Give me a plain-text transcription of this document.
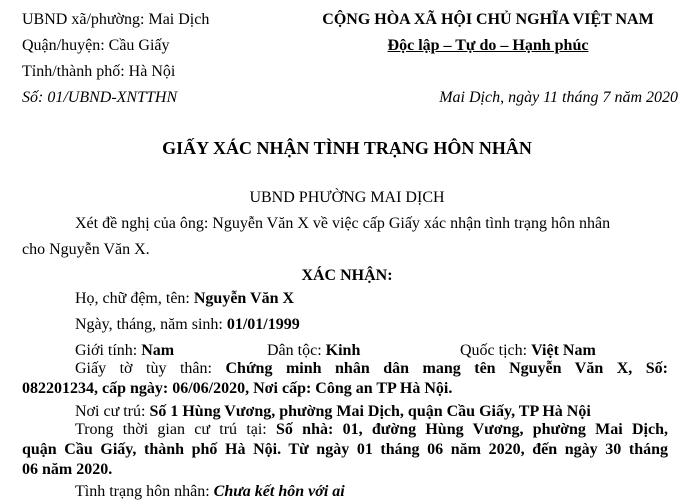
UBND xã/phường: Mai Dịch
Quận/huyện: Cầu Giấy
Tỉnh/thành phố: Hà Nội
Số: 01/UBND-XNTTHN
CỘNG HÒA XÃ HỘI CHỦ NGHĨA VIỆT NAM
Độc lập – Tự do – Hạnh phúc
Mai Dịch, ngày 11 tháng 7 năm 2020
GIẤY XÁC NHẬN TÌNH TRẠNG HÔN NHÂN
UBND PHƯỜNG MAI DỊCH
Xét đề nghị của ông: Nguyễn Văn X về việc cấp Giấy xác nhận tình trạng hôn nhân
cho Nguyễn Văn X.
XÁC NHẬN:
Họ, chữ đệm, tên: Nguyễn Văn X
Ngày, tháng, năm sinh: 01/01/1999
Giới tính: Nam	Dân tộc: Kinh	Quốc tịch: Việt Nam
Giấy tờ tùy thân: Chứng minh nhân dân mang tên Nguyễn Văn X, Số:
082201234, cấp ngày: 06/06/2020, Nơi cấp: Công an TP Hà Nội.
Nơi cư trú: Số 1 Hùng Vương, phường Mai Dịch, quận Cầu Giấy, TP Hà Nội
Trong thời gian cư trú tại: Số nhà: 01, đường Hùng Vương, phường Mai Dịch,
quận Cầu Giấy, thành phố Hà Nội. Từ ngày 01 tháng 06 năm 2020, đến ngày 30 tháng
06 năm 2020.
Tình trạng hôn nhân: Chưa kết hôn với ai
